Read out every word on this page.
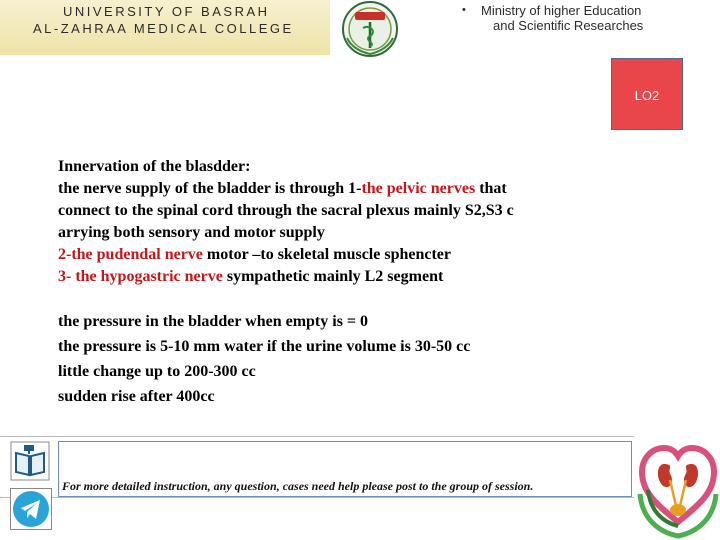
UNIVERSITY OF BASRAH
AL-ZAHRAA MEDICAL COLLEGE
• Ministry of higher Education
and Scientific Researches
LO2
Innervation of the blasdder:
the nerve supply of the bladder is through 1-the pelvic nerves that
connect to the spinal cord through the sacral plexus mainly S2,S3 c
arrying both sensory and motor supply
2-the pudendal nerve motor –to skeletal muscle sphencter
3- the hypogastric nerve sympathetic mainly L2 segment
the pressure in the bladder when empty is = 0
the pressure is 5-10 mm water if the urine volume is 30-50 cc
little change up to 200-300 cc
sudden rise after 400cc
For more detailed instruction, any question, cases need help please post to the group of session.
